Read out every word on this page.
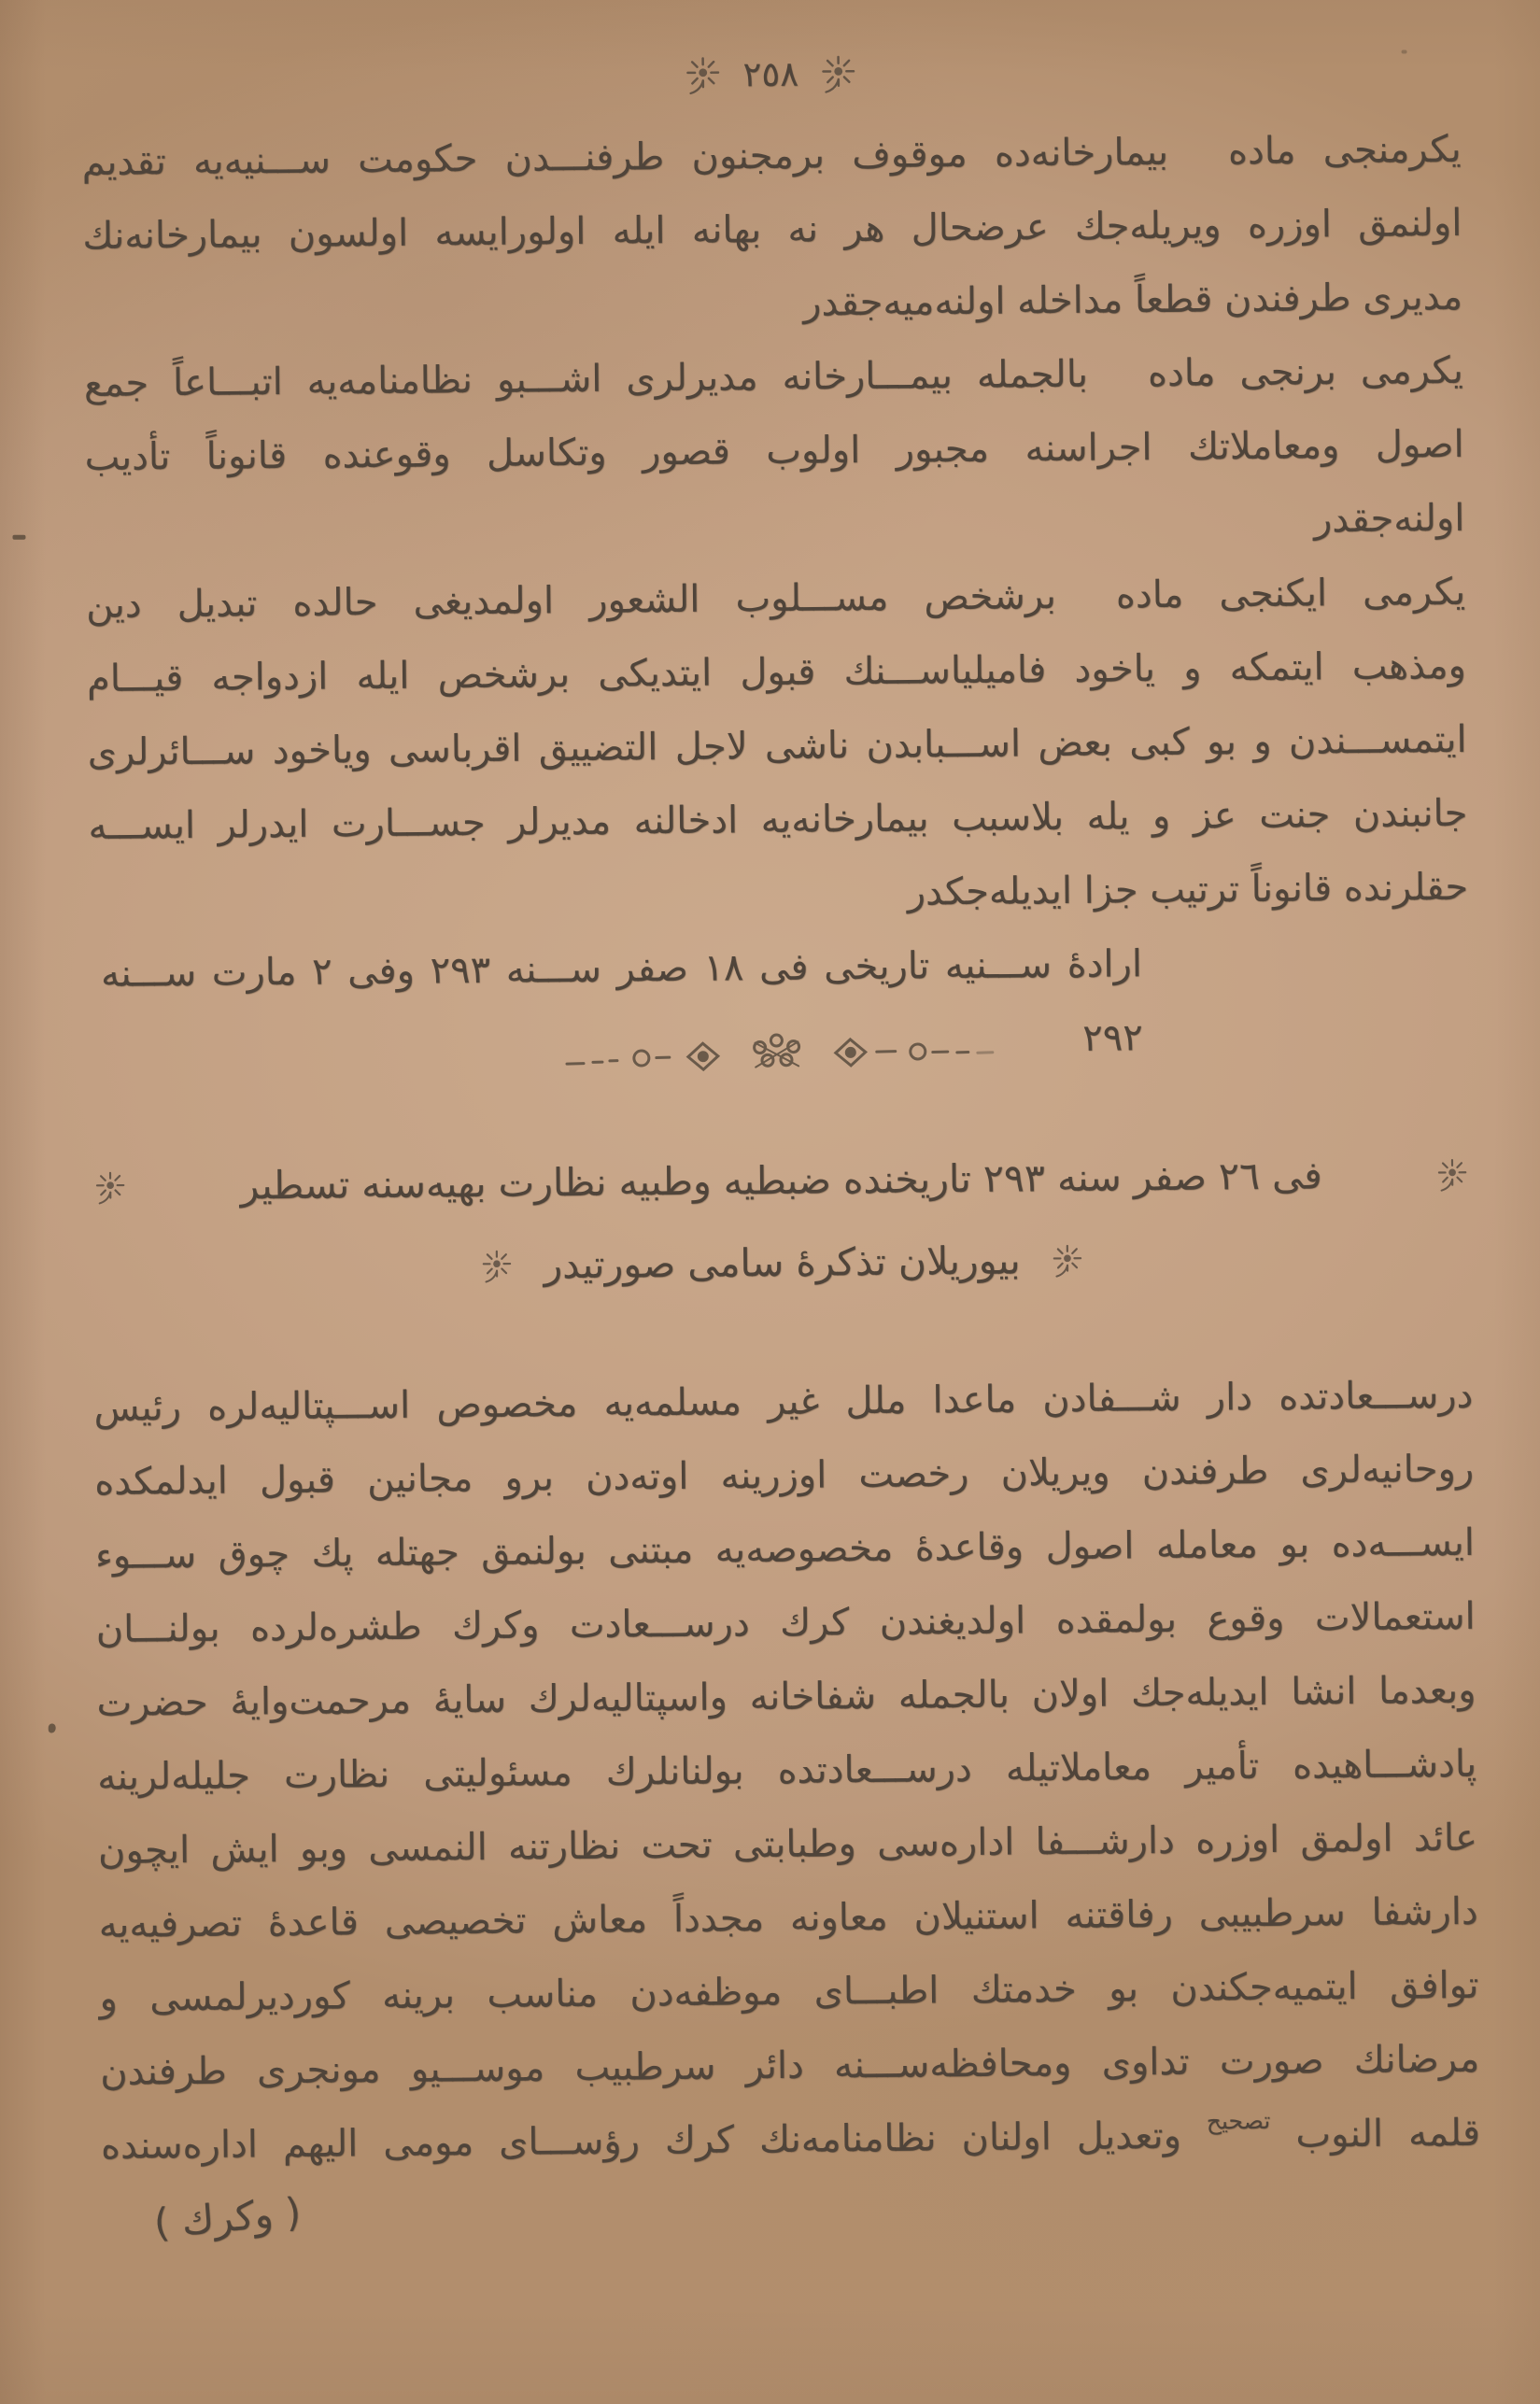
٢٥٨
يكرمنجى مادهبيمارخانه‌ده موقوف برمجنون طرفنـــدن حكومت ســـنيه‌يه تقديم
اولنمق اوزره ويريله‌جك عرضحال هر نه بهانه ايله اولورايسه اولسون بيمارخانه‌نك
مديرى طرفندن قطعاً مداخله اولنه‌ميه‌جقدر
يكرمى برنجى مادهبالجمله بيمـــارخانه مديرلرى اشـــبو نظامنامه‌يه اتبـــاعاً جمع
اصول ومعاملاتك اجراسنه مجبور اولوب قصور وتكاسل وقوعنده قانوناً تأديب
اولنه‌جقدر
يكرمى ايكنجى مادهبرشخص مســـلوب الشعور اولمديغى حالده تبديل دين
ومذهب ايتمكه و ياخود فاميلياســـنك قبول ايتديكى برشخص ايله ازدواجه قيـــام
ايتمســـندن و بو كبى بعض اســـبابدن ناشى لاجل التضييق اقرباسى وياخود ســـائرلرى
جانبندن جنت عز و يله بلاسبب بيمارخانه‌يه ادخالنه مديرلر جســـارت ايدرلر ايســـه
حقلرنده قانوناً ترتيب جزا ايديله‌جكدر
ارادهٔ ســـنيه تاريخى فى ١٨ صفر ســـنه ٢٩٣ وفى ٢ مارت ســـنه ٢٩٢
فى ٢٦ صفر سنه ٢٩٣ تاريخنده ضبطيه وطبيه نظارت بهيه‌سنه تسطير
بيوريلان تذكرهٔ سامى صورتيدر
درســـعادتده دار شـــفادن ماعدا ملل غير مسلمه‌يه مخصوص اســـپتاليه‌لره رئيس
روحانيه‌لرى طرفندن ويريلان رخصت اوزرينه اوته‌دن برو مجانين قبول ايدلمكده
ايســـه‌ده بو معامله اصول وقاعدهٔ مخصوصه‌يه مبتنى بولنمق جهتله پك چوق ســـوء
استعمالات وقوع بولمقده اولديغندن كرك درســـعادت وكرك طشره‌لرده بولنـــان
وبعدما انشا ايديله‌جك اولان بالجمله شفاخانه واسپتاليه‌لرك سايهٔ مرحمت‌وايهٔ حضرت
پادشـــاهيده تأمير معاملاتيله درســـعادتده بولنانلرك مسئوليتى نظارت جليله‌لرينه
عائد اولمق اوزره دارشـــفا اداره‌سى وطبابتى تحت نظارتنه النمسى وبو ايش ايچون
دارشفا سرطبيبى رفاقتنه استنيلان معاونه مجدداً معاش تخصيصى قاعدهٔ تصرفيه‌يه
توافق ايتميه‌جكندن بو خدمتك اطبـــاى موظفه‌دن مناسب برينه كورديرلمسى و
مرضانك صورت تداوى ومحافظه‌ســـنه دائر سرطبيب موســـيو مونجرى طرفندن
قلمه النوب تصحيح وتعديل اولنان نظامنامه‌نك كرك رؤســـاى مومى اليهم اداره‌سنده
( وكرك )
